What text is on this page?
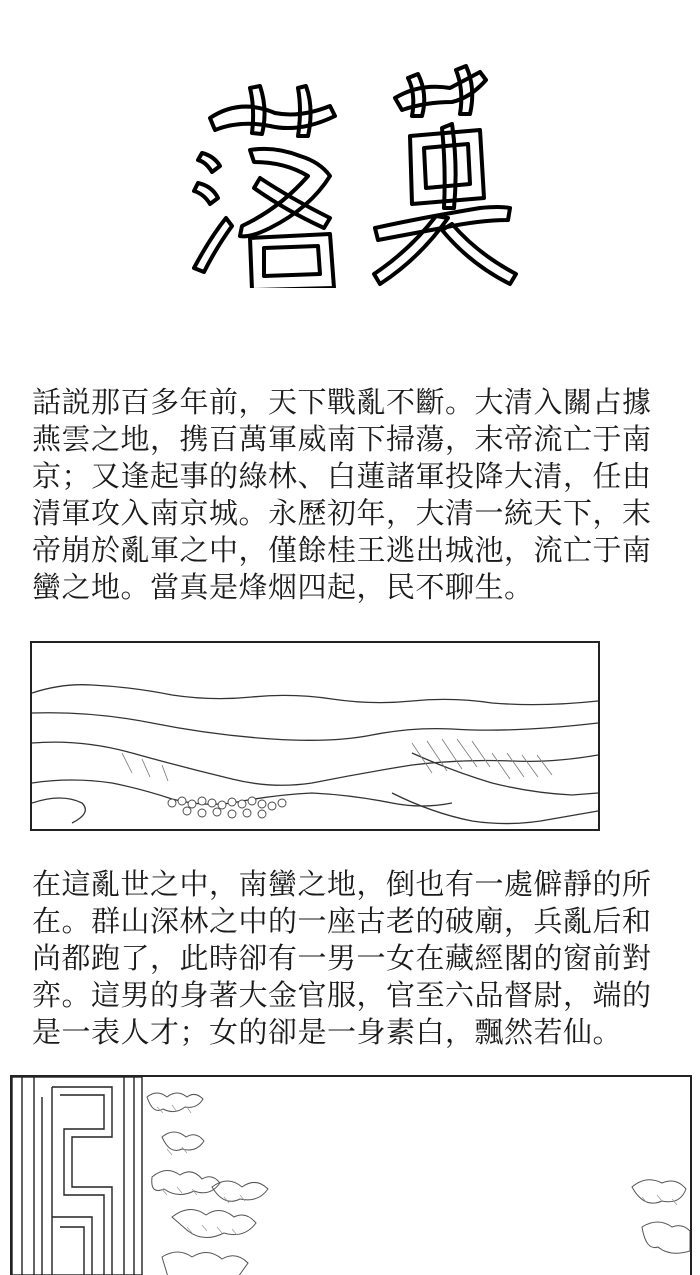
話説那百多年前，天下戰亂不斷。大清入關占據
燕雲之地，携百萬軍威南下掃蕩，末帝流亡于南
京；又逢起事的綠林、白蓮諸軍投降大清，任由
清軍攻入南京城。永歷初年，大清一統天下，末
帝崩於亂軍之中，僅餘桂王逃出城池，流亡于南
蠻之地。當真是烽烟四起，民不聊生。
在這亂世之中，南蠻之地，倒也有一處僻靜的所
在。群山深林之中的一座古老的破廟，兵亂后和
尚都跑了，此時卻有一男一女在藏經閣的窗前對
弈。這男的身著大金官服，官至六品督尉，端的
是一表人才；女的卻是一身素白，飄然若仙。
